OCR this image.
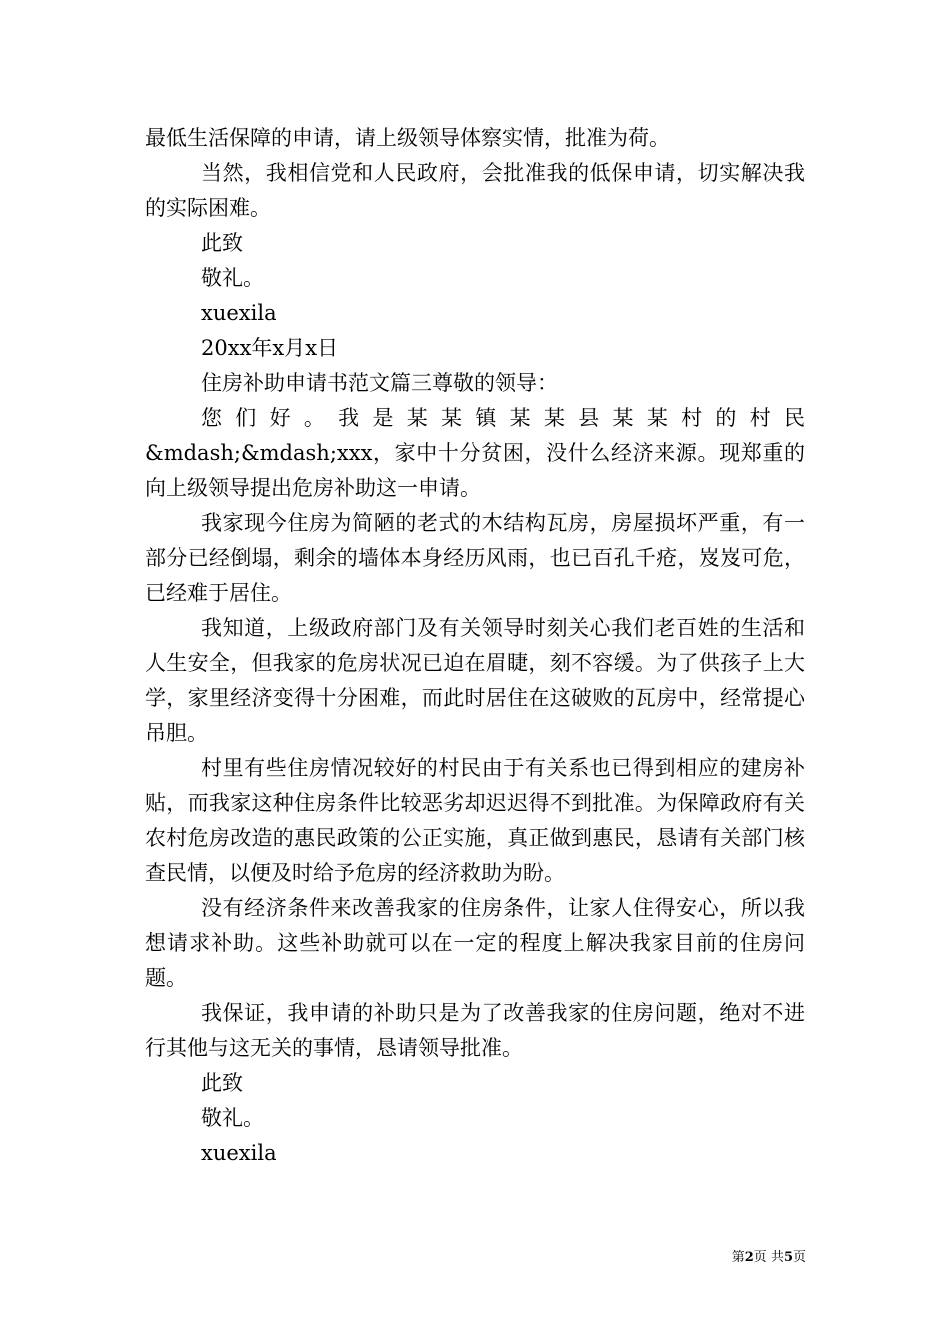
最低生活保障的申请，请上级领导体察实情，批准为荷。

当然，我相信党和人民政府，会批准我的低保申请，切实解决我的实际困难。

此致

敬礼。

xuexila

20xx年x月x日

住房补助申请书范文篇三尊敬的领导：

您们好。我是某某镇某某县某某村的村民&mdash;&mdash;xxx，家中十分贫困，没什么经济来源。现郑重的向上级领导提出危房补助这一申请。

我家现今住房为简陋的老式的木结构瓦房，房屋损坏严重，有一部分已经倒塌，剩余的墙体本身经历风雨，也已百孔千疮，岌岌可危，已经难于居住。

我知道，上级政府部门及有关领导时刻关心我们老百姓的生活和人生安全，但我家的危房状况已迫在眉睫，刻不容缓。为了供孩子上大学，家里经济变得十分困难，而此时居住在这破败的瓦房中，经常提心吊胆。

村里有些住房情况较好的村民由于有关系也已得到相应的建房补贴，而我家这种住房条件比较恶劣却迟迟得不到批准。为保障政府有关农村危房改造的惠民政策的公正实施，真正做到惠民，恳请有关部门核查民情，以便及时给予危房的经济救助为盼。

没有经济条件来改善我家的住房条件，让家人住得安心，所以我想请求补助。这些补助就可以在一定的程度上解决我家目前的住房问题。

我保证，我申请的补助只是为了改善我家的住房问题，绝对不进行其他与这无关的事情，恳请领导批准。

此致

敬礼。

xuexila

第2页 共5页
